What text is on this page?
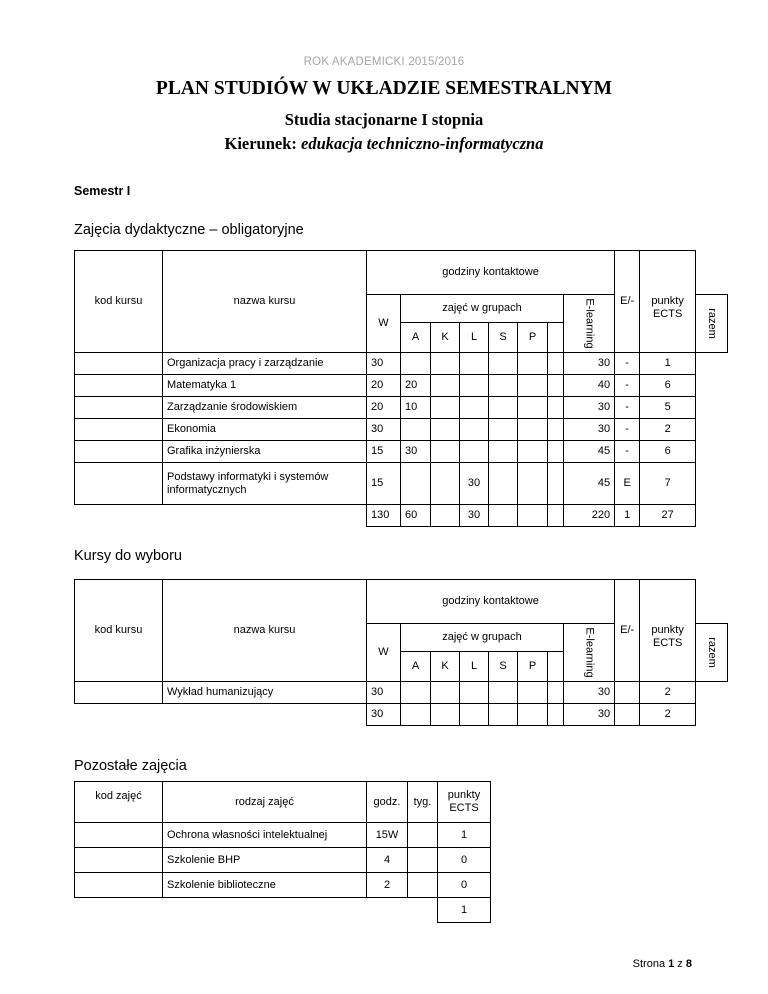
ROK AKADEMICKI 2015/2016
PLAN STUDIÓW W UKŁADZIE SEMESTRALNYM
Studia stacjonarne I stopnia
Kierunek: edukacja techniczno-informatyczna
Semestr I
Zajęcia dydaktyczne – obligatoryjne
kod kursu	nazwa kursu	godziny kontaktowe								E/-	punkty ECTS	
		W	zajęć w grupach						E-learning			razem
			A	K	L	S	P					
	Organizacja pracy i zarządzanie	30							30	-	1	
	Matematyka 1	20	20						40	-	6	
	Zarządzanie środowiskiem	20	10						30	-	5	
	Ekonomia	30							30	-	2	
	Grafika inżynierska	15	30						45	-	6	
	Podstawy informatyki i systemów informatycznych	15			30				45	E	7	
		130	60		30				220	1	27	
Kursy do wyboru
kod kursu	nazwa kursu	godziny kontaktowe								E/-	punkty ECTS	
		W	zajęć w grupach						E-learning			razem
			A	K	L	S	P					
	Wykład humanizujący	30							30		2	
		30							30		2	
Pozostałe zajęcia
kod zajęć	rodzaj zajęć	godz.	tyg.	punkty ECTS
	Ochrona własności intelektualnej	15W		1
	Szkolenie BHP	4		0
	Szkolenie biblioteczne	2		0
				1
Strona 1 z 8
